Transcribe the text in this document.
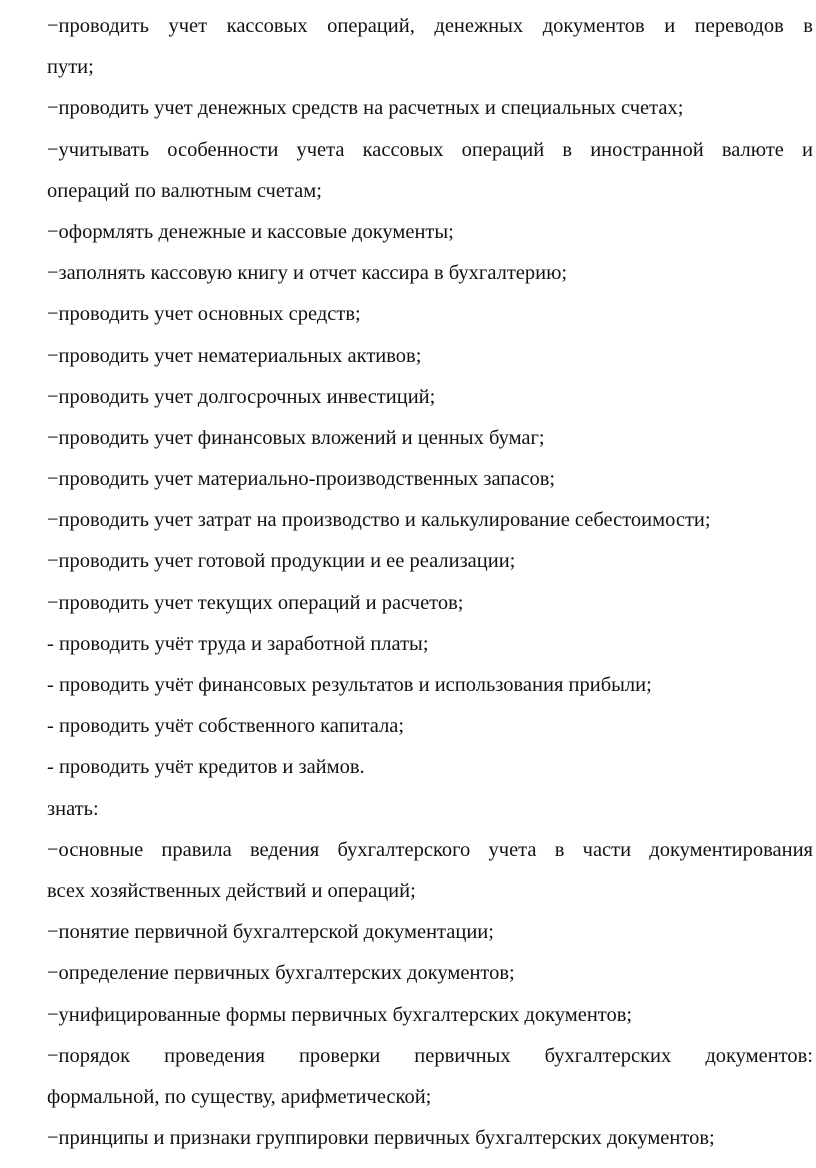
−проводить учет кассовых операций, денежных документов и переводов в
пути;
−проводить учет денежных средств на расчетных и специальных счетах;
−учитывать особенности учета кассовых операций в иностранной валюте и
операций по валютным счетам;
−оформлять денежные и кассовые документы;
−заполнять кассовую книгу и отчет кассира в бухгалтерию;
−проводить учет основных средств;
−проводить учет нематериальных активов;
−проводить учет долгосрочных инвестиций;
−проводить учет финансовых вложений и ценных бумаг;
−проводить учет материально-производственных запасов;
−проводить учет затрат на производство и калькулирование себестоимости;
−проводить учет готовой продукции и ее реализации;
−проводить учет текущих операций и расчетов;
- проводить учёт труда и заработной платы;
- проводить учёт финансовых результатов и использования прибыли;
- проводить учёт собственного капитала;
- проводить учёт кредитов и займов.
знать:
−основные правила ведения бухгалтерского учета в части документирования
всех хозяйственных действий и операций;
−понятие первичной бухгалтерской документации;
−определение первичных бухгалтерских документов;
−унифицированные формы первичных бухгалтерских документов;
−порядок проведения проверки первичных бухгалтерских документов:
формальной, по существу, арифметической;
−принципы и признаки группировки первичных бухгалтерских документов;
